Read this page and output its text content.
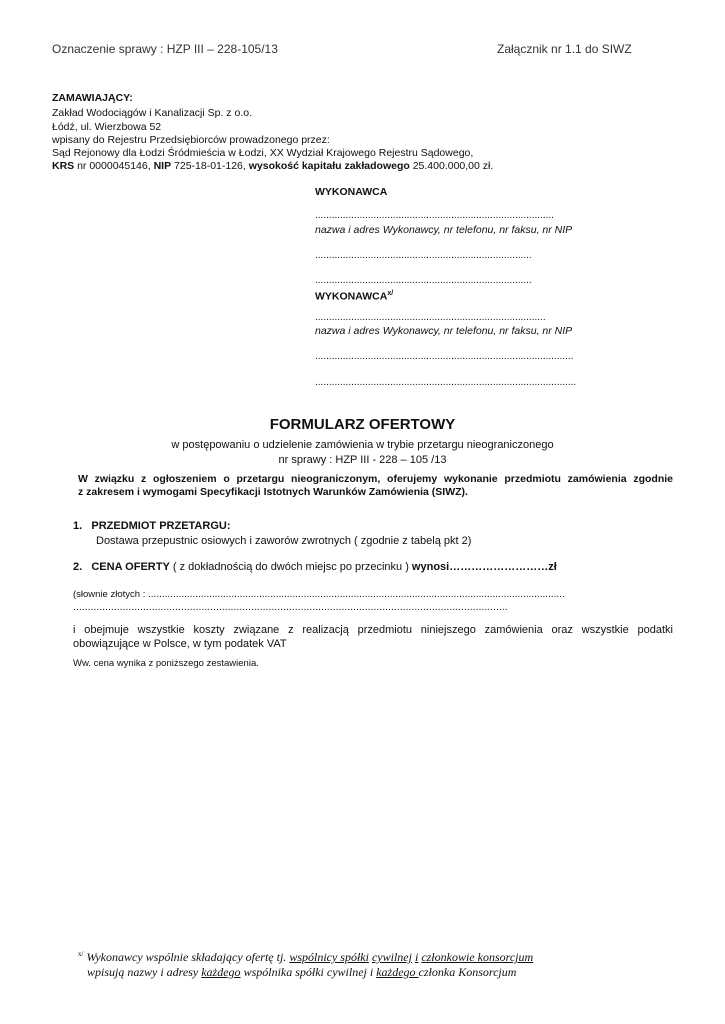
Oznaczenie sprawy : HZP III – 228-105/13	Załącznik nr 1.1 do SIWZ
ZAMAWIAJĄCY:
Zakład Wodociągów i Kanalizacji Sp. z o.o.
Łódź, ul. Wierzbowa 52
wpisany do Rejestru Przedsiębiorców prowadzonego przez:
Sąd Rejonowy dla Łodzi Śródmieścia w Łodzi, XX Wydział Krajowego Rejestru Sądowego,
KRS nr 0000045146, NIP 725-18-01-126, wysokość kapitału zakładowego 25.400.000,00 zł.
WYKONAWCA
......................................................................................
nazwa i adres Wykonawcy, nr telefonu, nr faksu, nr NIP
..............................................................................
..............................................................................
$WYKONAWCA^{x/}$
...................................................................................
nazwa i adres Wykonawcy, nr telefonu, nr faksu, nr NIP
.............................................................................................
..............................................................................................
FORMULARZ OFERTOWY
w postępowaniu o udzielenie zamówienia w trybie przetargu nieograniczonego
nr sprawy : HZP III - 228 – 105 /13
W związku z ogłoszeniem o przetargu nieograniczonym, oferujemy wykonanie przedmiotu zamówienia zgodnie
z zakresem i wymogami Specyfikacji Istotnych Warunków Zamówienia (SIWZ).
1. PRZEDMIOT PRZETARGU:
Dostawa przepustnic osiowych i zaworów zwrotnych ( zgodnie z tabelą pkt 2)
2. CENA OFERTY ( z dokładnością do dwóch miejsc po przecinku ) wynosi………………………zł
(słownie złotych : ......................................................................................................................................................
.....................................................................................................................................................
i obejmuje wszystkie koszty związane z realizacją przedmiotu niniejszego zamówienia oraz wszystkie podatki
obowiązujące w Polsce, w tym podatek VAT
Ww. cena wynika z poniższego zestawienia.
$^{x/}$ Wykonawcy wspólnie składający ofertę tj. wspólnicy spółki cywilnej i członkowie konsorcjum
wpisują nazwy i adresy każdego wspólnika spółki cywilnej i każdego członka Konsorcjum
